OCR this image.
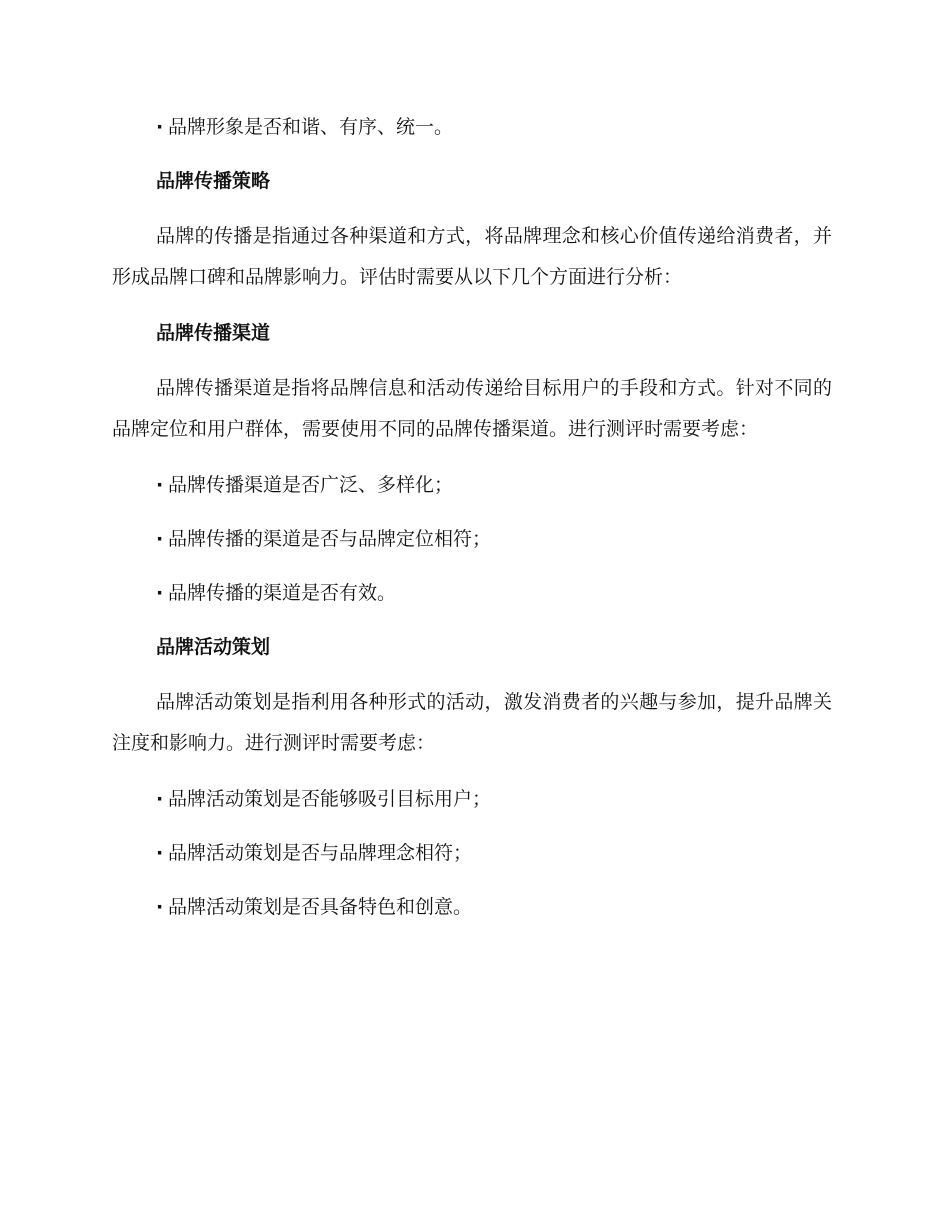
· 品牌形象是否和谐、有序、统一。
品牌传播策略

品牌的传播是指通过各种渠道和方式，将品牌理念和核心价值传递给消费者，并形成品牌口碑和品牌影响力。评估时需要从以下几个方面进行分析：

品牌传播渠道

品牌传播渠道是指将品牌信息和活动传递给目标用户的手段和方式。针对不同的品牌定位和用户群体，需要使用不同的品牌传播渠道。进行测评时需要考虑：

· 品牌传播渠道是否广泛、多样化；
· 品牌传播的渠道是否与品牌定位相符；
· 品牌传播的渠道是否有效。
品牌活动策划

品牌活动策划是指利用各种形式的活动，激发消费者的兴趣与参加，提升品牌关注度和影响力。进行测评时需要考虑：

· 品牌活动策划是否能够吸引目标用户；
· 品牌活动策划是否与品牌理念相符；
· 品牌活动策划是否具备特色和创意。
